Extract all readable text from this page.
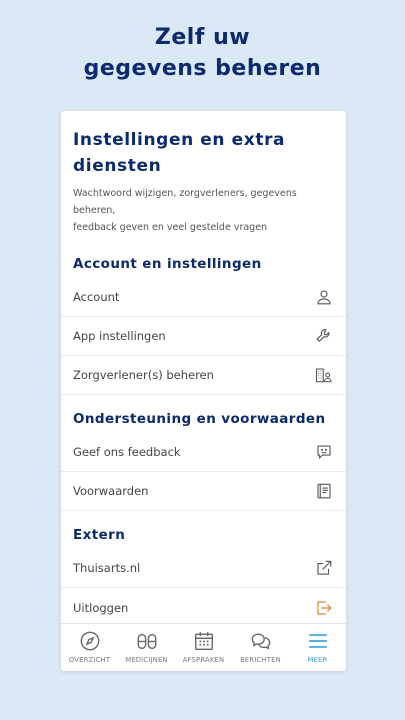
Zelf uw
gegevens beheren
Instellingen en extra
diensten
Wachtwoord wijzigen, zorgverleners, gegevens beheren,
feedback geven en veel gestelde vragen
Account en instellingen
Account
App instellingen
Zorgverlener(s) beheren
Ondersteuning en voorwaarden
Geef ons feedback
Voorwaarden
Extern
Thuisarts.nl
Uitloggen
OVERZICHT MEDICIJNEN AFSPRAKEN BERICHTEN	MEER
